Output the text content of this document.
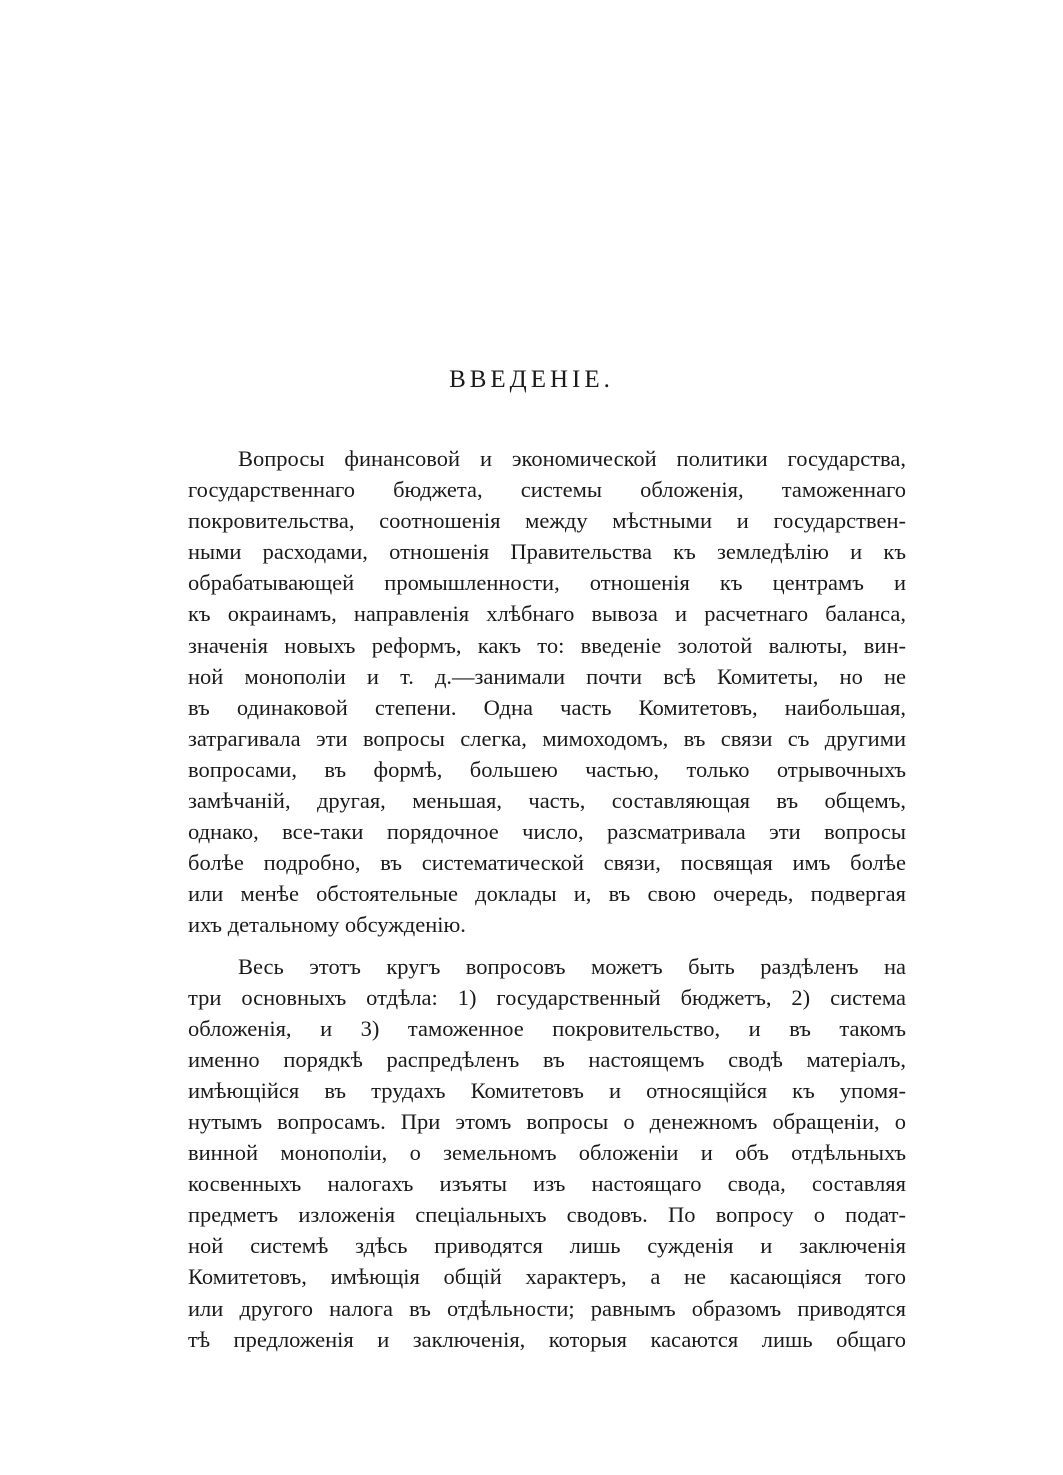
ВВЕДЕНІЕ.
Вопросы финансовой и экономической политики государства,
государственнаго бюджета, системы обложенія, таможеннаго
покровительства, соотношенія между мѣстными и государствен-
ными расходами, отношенія Правительства къ земледѣлію и къ
обрабатывающей промышленности, отношенія къ центрамъ и
къ окраинамъ, направленія хлѣбнаго вывоза и расчетнаго баланса,
значенія новыхъ реформъ, какъ то: введеніе золотой валюты, вин-
ной монополіи и т. д.—занимали почти всѣ Комитеты, но не
въ одинаковой степени. Одна часть Комитетовъ, наибольшая,
затрагивала эти вопросы слегка, мимоходомъ, въ связи съ другими
вопросами, въ формѣ, большею частью, только отрывочныхъ
замѣчаній, другая, меньшая, часть, составляющая въ общемъ,
однако, все-таки порядочное число, разсматривала эти вопросы
болѣе подробно, въ систематической связи, посвящая имъ болѣе
или менѣе обстоятельные доклады и, въ свою очередь, подвергая
ихъ детальному обсужденію.
Весь этотъ кругъ вопросовъ можетъ быть раздѣленъ на
три основныхъ отдѣла: 1) государственный бюджетъ, 2) система
обложенія, и 3) таможенное покровительство, и въ такомъ
именно порядкѣ распредѣленъ въ настоящемъ сводѣ матеріалъ,
имѣющійся въ трудахъ Комитетовъ и относящійся къ упомя-
нутымъ вопросамъ. При этомъ вопросы о денежномъ обращеніи, о
винной монополіи, о земельномъ обложеніи и объ отдѣльныхъ
косвенныхъ налогахъ изъяты изъ настоящаго свода, составляя
предметъ изложенія спеціальныхъ сводовъ. По вопросу о подат-
ной системѣ здѣсь приводятся лишь сужденія и заключенія
Комитетовъ, имѣющія общій характеръ, а не касающіяся того
или другого налога въ отдѣльности; равнымъ образомъ приводятся
тѣ предложенія и заключенія, которыя касаются лишь общаго
